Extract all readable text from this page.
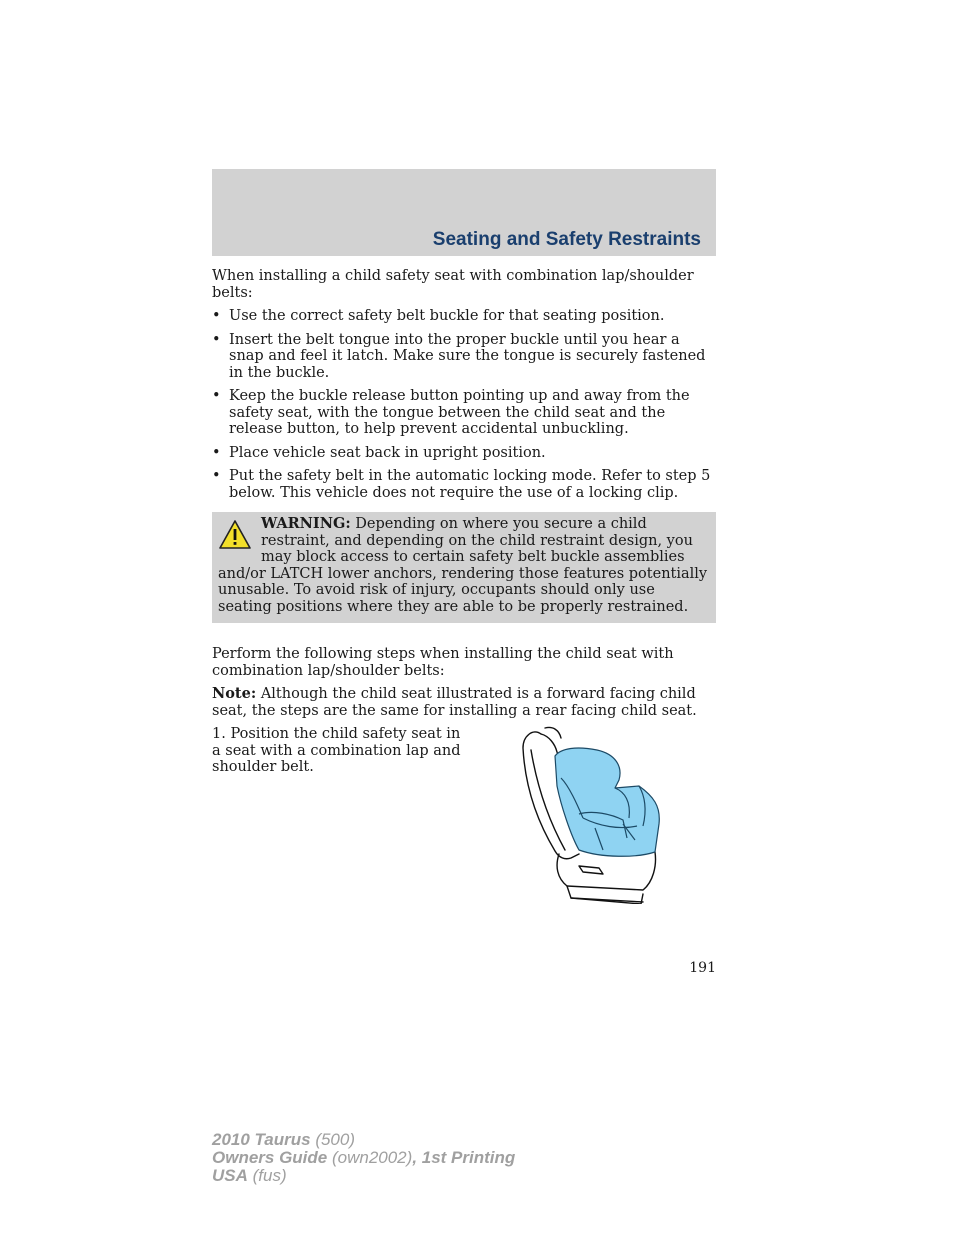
Seating and Safety Restraints

When installing a child safety seat with combination lap/shoulder belts:

• Use the correct safety belt buckle for that seating position.
• Insert the belt tongue into the proper buckle until you hear a snap and feel it latch. Make sure the tongue is securely fastened in the buckle.
• Keep the buckle release button pointing up and away from the safety seat, with the tongue between the child seat and the release button, to help prevent accidental unbuckling.
• Place vehicle seat back in upright position.
• Put the safety belt in the automatic locking mode. Refer to step 5 below. This vehicle does not require the use of a locking clip.
WARNING: Depending on where you secure a child restraint, and depending on the child restraint design, you may block access to certain safety belt buckle assemblies and/or LATCH lower anchors, rendering those features potentially unusable. To avoid risk of injury, occupants should only use seating positions where they are able to be properly restrained.

Perform the following steps when installing the child seat with combination lap/shoulder belts:

Note: Although the child seat illustrated is a forward facing child seat, the steps are the same for installing a rear facing child seat.

1. Position the child safety seat in a seat with a combination lap and shoulder belt.

191
2010 Taurus (500)
Owners Guide (own2002), 1st Printing
USA (fus)
